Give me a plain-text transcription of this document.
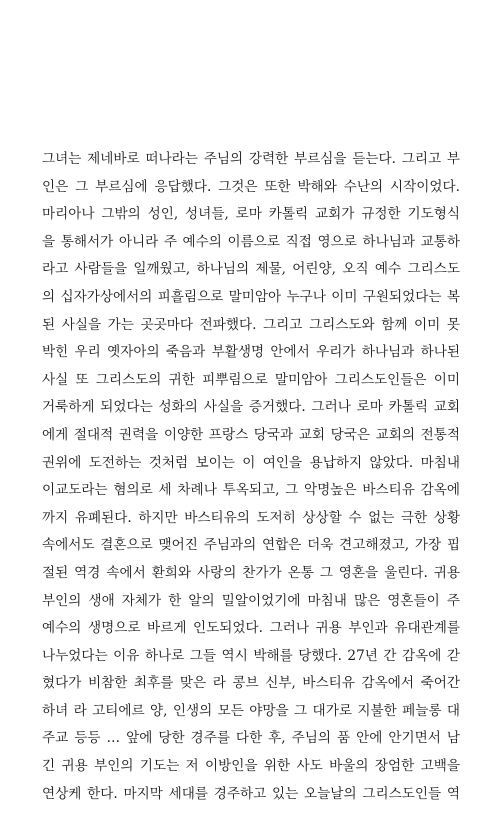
그녀는 제네바로 떠나라는 주님의 강력한 부르심을 듣는다. 그리고 부
인은 그 부르심에 응답했다. 그것은 또한 박해와 수난의 시작이었다.
마리아나 그밖의 성인, 성녀들, 로마 카톨릭 교회가 규정한 기도형식
을 통해서가 아니라 주 예수의 이름으로 직접 영으로 하나님과 교통하
라고 사람들을 일깨웠고, 하나님의 제물, 어린양, 오직 예수 그리스도
의 십자가상에서의 피흘림으로 말미암아 누구나 이미 구원되었다는 복
된 사실을 가는 곳곳마다 전파했다. 그리고 그리스도와 함께 이미 못
박힌 우리 옛자아의 죽음과 부활생명 안에서 우리가 하나님과 하나된
사실 또 그리스도의 귀한 피뿌림으로 말미암아 그리스도인들은 이미
거룩하게 되었다는 성화의 사실을 증거했다. 그러나 로마 카톨릭 교회
에게 절대적 권력을 이양한 프랑스 당국과 교회 당국은 교회의 전통적
권위에 도전하는 것처럼 보이는 이 여인을 용납하지 않았다. 마침내
이교도라는 혐의로 세 차례나 투옥되고, 그 악명높은 바스티유 감옥에
까지 유폐된다. 하지만 바스티유의 도저히 상상할 수 없는 극한 상황
속에서도 결혼으로 맺어진 주님과의 연합은 더욱 견고해졌고, 가장 핍
절된 역경 속에서 환희와 사랑의 찬가가 온통 그 영혼을 울린다. 귀용
부인의 생애 자체가 한 알의 밀알이었기에 마침내 많은 영혼들이 주
예수의 생명으로 바르게 인도되었다. 그러나 귀용 부인과 유대관계를
나누었다는 이유 하나로 그들 역시 박해를 당했다. 27년 간 감옥에 갇
혔다가 비참한 최후를 맞은 라 콩브 신부, 바스티유 감옥에서 죽어간
하녀 라 고티에르 양, 인생의 모든 야망을 그 대가로 지불한 페늘롱 대
주교 등등 … 앞에 당한 경주를 다한 후, 주님의 품 안에 안기면서 남
긴 귀용 부인의 기도는 저 이방인을 위한 사도 바울의 장엄한 고백을
연상케 한다. 마지막 세대를 경주하고 있는 오늘날의 그리스도인들 역
